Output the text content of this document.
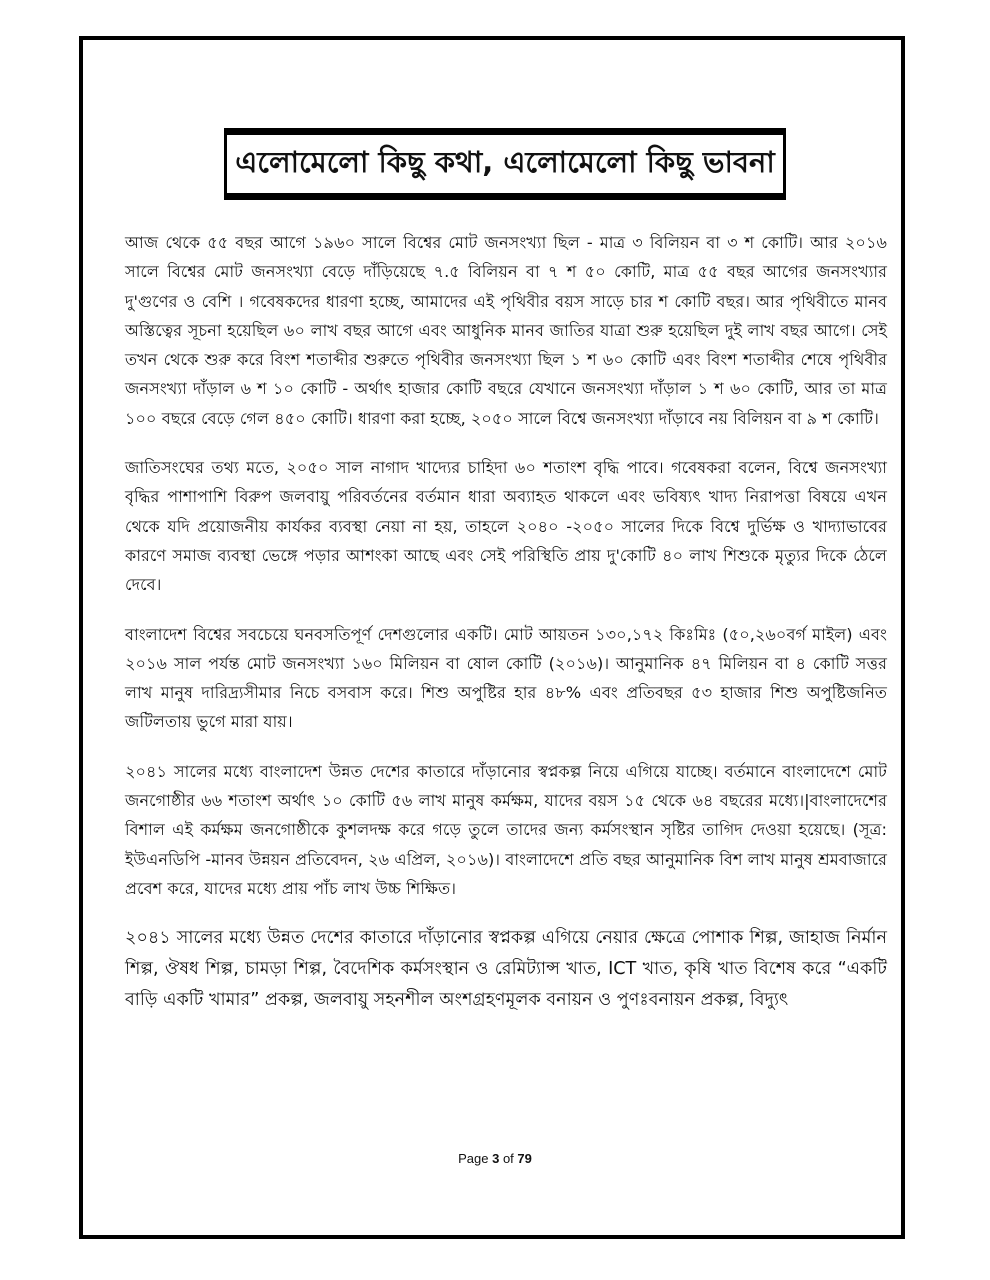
এলোমেলো কিছু কথা, এলোমেলো কিছু ভাবনা

আজ থেকে ৫৫ বছর আগে ১৯৬০ সালে বিশ্বের মোট জনসংখ্যা ছিল - মাত্র ৩ বিলিয়ন বা ৩ শ কোটি। আর ২০১৬ সালে বিশ্বের মোট জনসংখ্যা বেড়ে দাঁড়িয়েছে ৭.৫ বিলিয়ন বা ৭ শ ৫০ কোটি, মাত্র ৫৫ বছর আগের জনসংখ্যার দু'গুণের ও বেশি । গবেষকদের ধারণা হচ্ছে, আমাদের এই পৃথিবীর বয়স সাড়ে চার শ কোটি বছর। আর পৃথিবীতে মানব অস্তিত্বের সূচনা হয়েছিল ৬০ লাখ বছর আগে এবং আধুনিক মানব জাতির যাত্রা শুরু হয়েছিল দুই লাখ বছর আগে। সেই তখন থেকে শুরু করে বিংশ শতাব্দীর শুরুতে পৃথিবীর জনসংখ্যা ছিল ১ শ ৬০ কোটি এবং বিংশ শতাব্দীর শেষে পৃথিবীর জনসংখ্যা দাঁড়াল ৬ শ ১০ কোটি - অর্থাৎ হাজার কোটি বছরে যেখানে জনসংখ্যা দাঁড়াল ১ শ ৬০ কোটি, আর তা মাত্র ১০০ বছরে বেড়ে গেল ৪৫০ কোটি। ধারণা করা হচ্ছে, ২০৫০ সালে বিশ্বে জনসংখ্যা দাঁড়াবে নয় বিলিয়ন বা ৯ শ কোটি।

জাতিসংঘের তথ্য মতে, ২০৫০ সাল নাগাদ খাদ্যের চাহিদা ৬০ শতাংশ বৃদ্ধি পাবে। গবেষকরা বলেন, বিশ্বে জনসংখ্যা বৃদ্ধির পাশাপাশি বিরুপ জলবায়ু পরিবর্তনের বর্তমান ধারা অব্যাহত থাকলে এবং ভবিষ্যৎ খাদ্য নিরাপত্তা বিষয়ে এখন থেকে যদি প্রয়োজনীয় কার্যকর ব্যবস্থা নেয়া না হয়, তাহলে ২০৪০ -২০৫০ সালের দিকে বিশ্বে দুর্ভিক্ষ ও খাদ্যাভাবের কারণে সমাজ ব্যবস্থা ভেঙ্গে পড়ার আশংকা আছে এবং সেই পরিস্থিতি প্রায় দু'কোটি ৪০ লাখ শিশুকে মৃত্যুর দিকে ঠেলে দেবে।

বাংলাদেশ বিশ্বের সবচেয়ে ঘনবসতিপূর্ণ দেশগুলোর একটি। মোট আয়তন ১৩০,১৭২ কিঃমিঃ (৫০,২৬০বর্গ মাইল) এবং ২০১৬ সাল পর্যন্ত মোট জনসংখ্যা ১৬০ মিলিয়ন বা ষোল কোটি (২০১৬)। আনুমানিক ৪৭ মিলিয়ন বা ৪ কোটি সত্তর লাখ মানুষ দারিদ্র্যসীমার নিচে বসবাস করে। শিশু অপুষ্টির হার ৪৮% এবং প্রতিবছর ৫৩ হাজার শিশু অপুষ্টিজনিত জটিলতায় ভুগে মারা যায়।

২০৪১ সালের মধ্যে বাংলাদেশ উন্নত দেশের কাতারে দাঁড়ানোর স্বপ্নকল্প নিয়ে এগিয়ে যাচ্ছে। বর্তমানে বাংলাদেশে মোট জনগোষ্ঠীর ৬৬ শতাংশ অর্থাৎ ১০ কোটি ৫৬ লাখ মানুষ কর্মক্ষম, যাদের বয়স ১৫ থেকে ৬৪ বছরের মধ্যে।|বাংলাদেশের বিশাল এই কর্মক্ষম জনগোষ্ঠীকে কুশলদক্ষ করে গড়ে তুলে তাদের জন্য কর্মসংস্থান সৃষ্টির তাগিদ দেওয়া হয়েছে। (সূত্র: ইউএনডিপি -মানব উন্নয়ন প্রতিবেদন, ২৬ এপ্রিল, ২০১৬)। বাংলাদেশে প্রতি বছর আনুমানিক বিশ লাখ মানুষ শ্রমবাজারে প্রবেশ করে, যাদের মধ্যে প্রায় পাঁচ লাখ উচ্চ শিক্ষিত।

২০৪১ সালের মধ্যে উন্নত দেশের কাতারে দাঁড়ানোর স্বপ্নকল্প এগিয়ে নেয়ার ক্ষেত্রে পোশাক শিল্প, জাহাজ নির্মান শিল্প, ঔষধ শিল্প, চামড়া শিল্প, বৈদেশিক কর্মসংস্থান ও রেমিট্যান্স খাত, ICT খাত, কৃষি খাত বিশেষ করে “একটি বাড়ি একটি খামার” প্রকল্প, জলবায়ু সহনশীল অংশগ্রহণমূলক বনায়ন ও পুণঃবনায়ন প্রকল্প, বিদ্যুৎ

Page 3 of 79
